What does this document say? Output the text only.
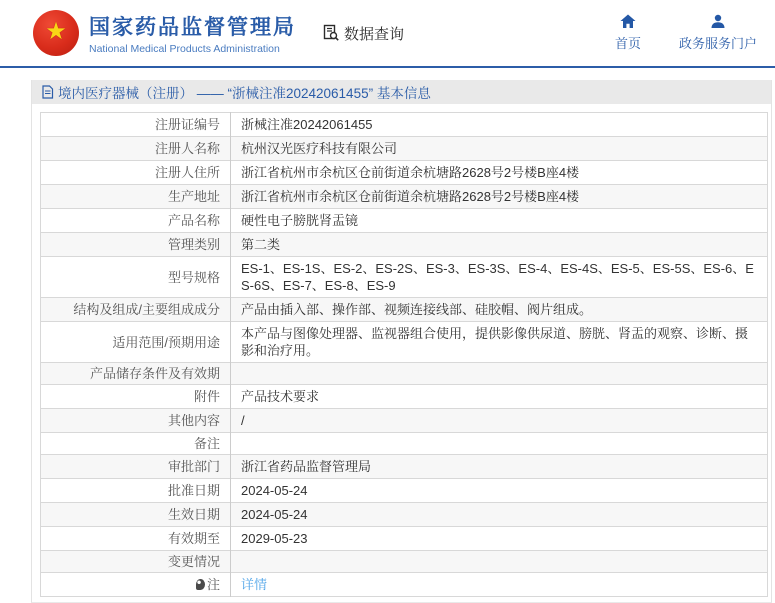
★ 国家药品监督管理局
National Medical Products Administration
数据查询
首页	政务服务门户
境内医疗器械（注册） —— “浙械注准20242061455” 基本信息
注册证编号	浙械注准20242061455
注册人名称	杭州汉光医疗科技有限公司
注册人住所	浙江省杭州市余杭区仓前街道余杭塘路2628号2号楼B座4楼
生产地址	浙江省杭州市余杭区仓前街道余杭塘路2628号2号楼B座4楼
产品名称	硬性电子膀胱肾盂镜
管理类别	第二类
型号规格	ES-1、ES-1S、ES-2、ES-2S、ES-3、ES-3S、ES-4、ES-4S、ES-5、ES-5S、ES-6、ES-6S、ES-7、ES-8、ES-9
结构及组成/主要组成成分	产品由插入部、操作部、视频连接线部、硅胶帽、阀片组成。
适用范围/预期用途	本产品与图像处理器、监视器组合使用，提供影像供尿道、膀胱、肾盂的观察、诊断、摄影和治疗用。
产品储存条件及有效期	
附件	产品技术要求
其他内容	/
备注	
审批部门	浙江省药品监督管理局
批准日期	2024-05-24
生效日期	2024-05-24
有效期至	2029-05-23
变更情况	
注	详情
